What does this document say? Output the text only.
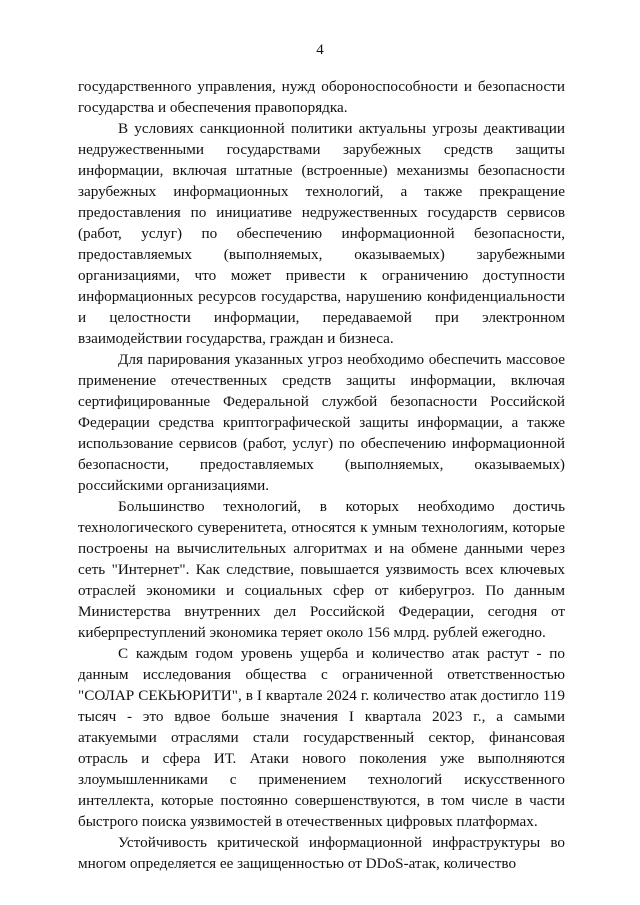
4

государственного управления, нужд обороноспособности и безопасности государства и обеспечения правопорядка.

В условиях санкционной политики актуальны угрозы деактивации недружественными государствами зарубежных средств защиты информации, включая штатные (встроенные) механизмы безопасности зарубежных информационных технологий, а также прекращение предоставления по инициативе недружественных государств сервисов (работ, услуг) по обеспечению информационной безопасности, предоставляемых (выполняемых, оказываемых) зарубежными организациями, что может привести к ограничению доступности информационных ресурсов государства, нарушению конфиденциальности и целостности информации, передаваемой при электронном взаимодействии государства, граждан и бизнеса.

Для парирования указанных угроз необходимо обеспечить массовое применение отечественных средств защиты информации, включая сертифицированные Федеральной службой безопасности Российской Федерации средства криптографической защиты информации, а также использование сервисов (работ, услуг) по обеспечению информационной безопасности, предоставляемых (выполняемых, оказываемых) российскими организациями.

Большинство технологий, в которых необходимо достичь технологического суверенитета, относятся к умным технологиям, которые построены на вычислительных алгоритмах и на обмене данными через сеть "Интернет". Как следствие, повышается уязвимость всех ключевых отраслей экономики и социальных сфер от киберугроз. По данным Министерства внутренних дел Российской Федерации, сегодня от киберпреступлений экономика теряет около 156 млрд. рублей ежегодно.

С каждым годом уровень ущерба и количество атак растут - по данным исследования общества с ограниченной ответственностью "СОЛАР СЕКЬЮРИТИ", в I квартале 2024 г. количество атак достигло 119 тысяч - это вдвое больше значения I квартала 2023 г., а самыми атакуемыми отраслями стали государственный сектор, финансовая отрасль и сфера ИТ. Атаки нового поколения уже выполняются злоумышленниками с применением технологий искусственного интеллекта, которые постоянно совершенствуются, в том числе в части быстрого поиска уязвимостей в отечественных цифровых платформах.

Устойчивость критической информационной инфраструктуры во многом определяется ее защищенностью от DDoS-атак, количество
